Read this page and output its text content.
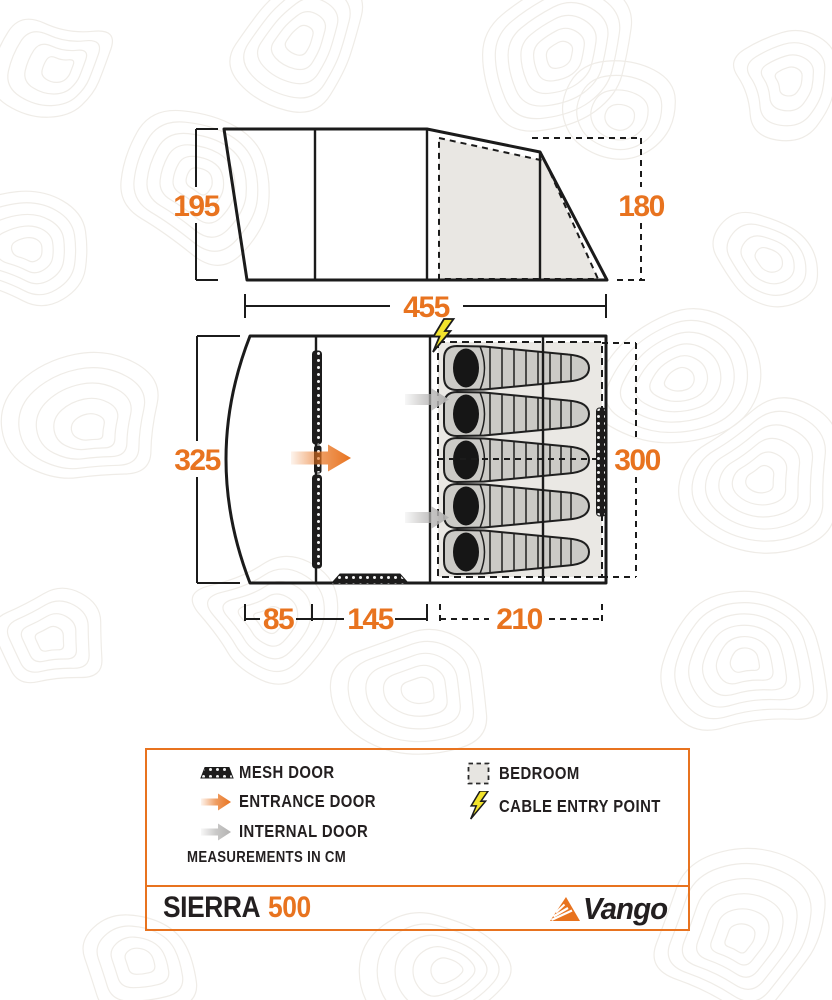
195	180
455
325	300
85 145	210
MESH DOOR
ENTRANCE DOOR
INTERNAL DOOR
MEASUREMENTS IN CM
BEDROOM
CABLE ENTRY POINT
SIERRA 500	Vango
